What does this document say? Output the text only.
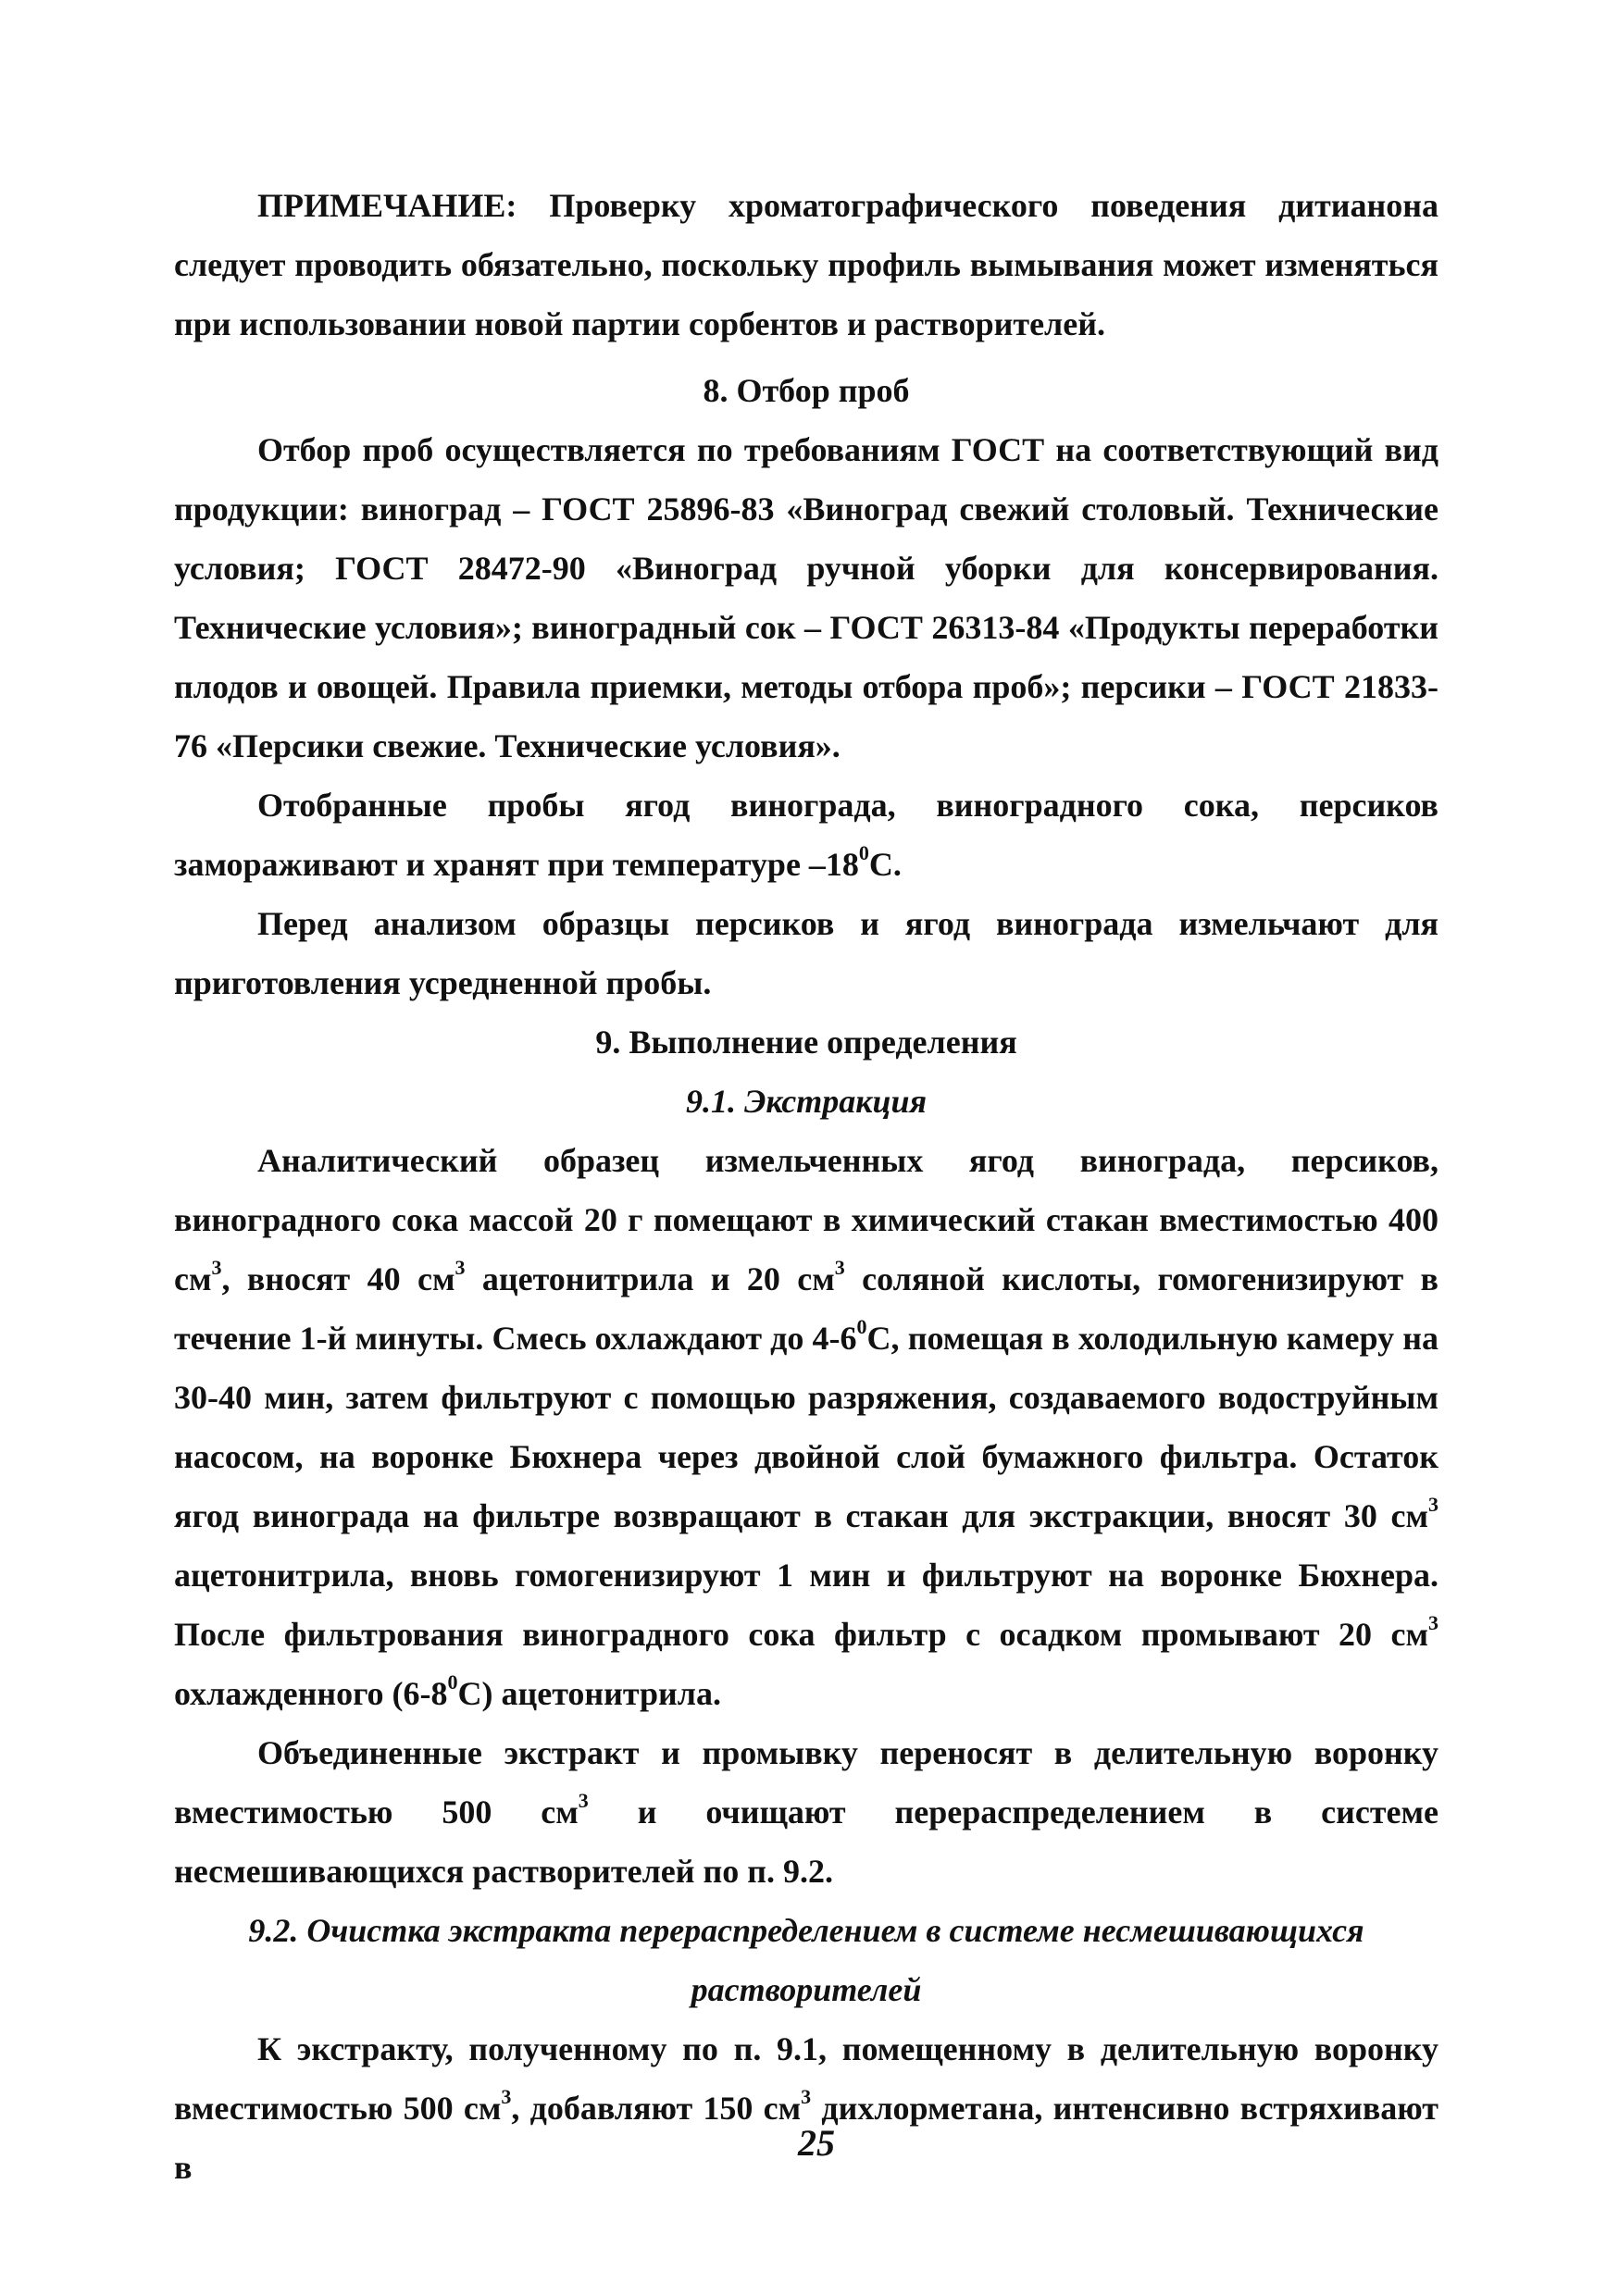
ПРИМЕЧАНИЕ: Проверку хроматографического поведения дитианона следует проводить обязательно, поскольку профиль вымывания может изменяться при использовании новой партии сорбентов и растворителей.

8. Отбор проб

Отбор проб осуществляется по требованиям ГОСТ на соответствующий вид продукции: виноград – ГОСТ 25896-83 «Виноград свежий столовый. Технические условия; ГОСТ 28472-90 «Виноград ручной уборки для консервирования. Технические условия»; виноградный сок – ГОСТ 26313-84 «Продукты переработки плодов и овощей. Правила приемки, методы отбора проб»; персики – ГОСТ 21833-76 «Персики свежие. Технические условия».

Отобранные пробы ягод винограда, виноградного сока, персиков замораживают и хранят при температуре $-18^0С$.

Перед анализом образцы персиков и ягод винограда измельчают для приготовления усредненной пробы.

9. Выполнение определения

9.1. Экстракция

Аналитический образец измельченных ягод винограда, персиков, виноградного сока массой 20 г помещают в химический стакан вместимостью 400 $см^3$, вносят 40 $см^3$ ацетонитрила и 20 $см^3$ соляной кислоты, гомогенизируют в течение 1-й минуты. Смесь охлаждают до $4-6^0С$, помещая в холодильную камеру на 30-40 мин, затем фильтруют с помощью разряжения, создаваемого водоструйным насосом, на воронке Бюхнера через двойной слой бумажного фильтра. Остаток ягод винограда на фильтре возвращают в стакан для экстракции, вносят 30 $см^3$ ацетонитрила, вновь гомогенизируют 1 мин и фильтруют на воронке Бюхнера. После фильтрования виноградного сока фильтр с осадком промывают 20 $см^3$ охлажденного $(6-8^0С)$ ацетонитрила.

Объединенные экстракт и промывку переносят в делительную воронку вместимостью 500 $см^3$ и очищают перераспределением в системе несмешивающихся растворителей по п. 9.2.

9.2. Очистка экстракта перераспределением в системе несмешивающихся растворителей

К экстракту, полученному по п. 9.1, помещенному в делительную воронку вместимостью 500 $см^3$, добавляют 150 $см^3$ дихлорметана, интенсивно встряхивают в

25
